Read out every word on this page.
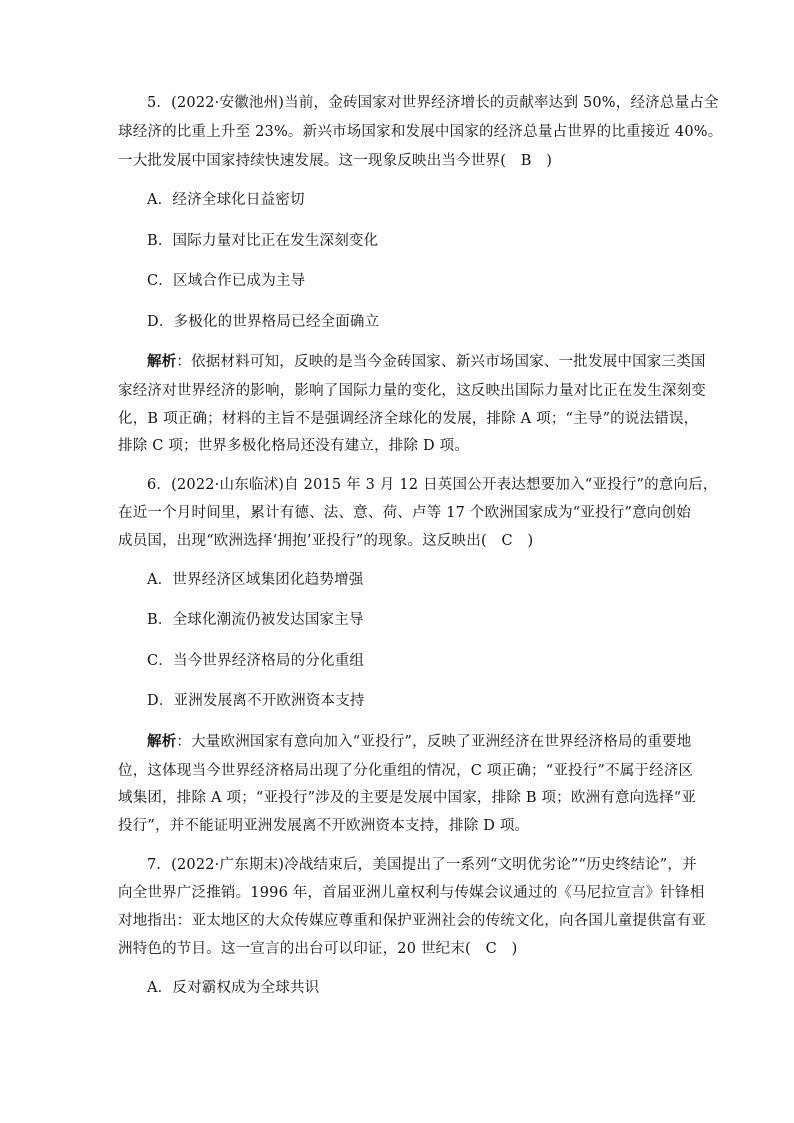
5．(2022·安徽池州)当前，金砖国家对世界经济增长的贡献率达到 50%，经济总量占全
球经济的比重上升至 23%。新兴市场国家和发展中国家的经济总量占世界的比重接近 40%。
一大批发展中国家持续快速发展。这一现象反映出当今世界(　B　)
A．经济全球化日益密切
B．国际力量对比正在发生深刻变化
C．区域合作已成为主导
D．多极化的世界格局已经全面确立
解析：依据材料可知，反映的是当今金砖国家、新兴市场国家、一批发展中国家三类国
家经济对世界经济的影响，影响了国际力量的变化，这反映出国际力量对比正在发生深刻变
化，B 项正确；材料的主旨不是强调经济全球化的发展，排除 A 项；“主导”的说法错误，
排除 C 项；世界多极化格局还没有建立，排除 D 项。
6．(2022·山东临沭)自 2015 年 3 月 12 日英国公开表达想要加入“亚投行”的意向后，
在近一个月时间里，累计有德、法、意、荷、卢等 17 个欧洲国家成为“亚投行”意向创始
成员国，出现“欧洲选择‘拥抱’亚投行”的现象。这反映出(　C　)
A．世界经济区域集团化趋势增强
B．全球化潮流仍被发达国家主导
C．当今世界经济格局的分化重组
D．亚洲发展离不开欧洲资本支持
解析：大量欧洲国家有意向加入“亚投行”，反映了亚洲经济在世界经济格局的重要地
位，这体现当今世界经济格局出现了分化重组的情况，C 项正确；“亚投行”不属于经济区
域集团，排除 A 项；“亚投行”涉及的主要是发展中国家，排除 B 项；欧洲有意向选择“亚
投行”，并不能证明亚洲发展离不开欧洲资本支持，排除 D 项。
7．(2022·广东期末)冷战结束后，美国提出了一系列“文明优劣论”“历史终结论”，并
向全世界广泛推销。1996 年，首届亚洲儿童权利与传媒会议通过的《马尼拉宣言》针锋相
对地指出：亚太地区的大众传媒应尊重和保护亚洲社会的传统文化，向各国儿童提供富有亚
洲特色的节目。这一宣言的出台可以印证，20 世纪末(　C　)
A．反对霸权成为全球共识
